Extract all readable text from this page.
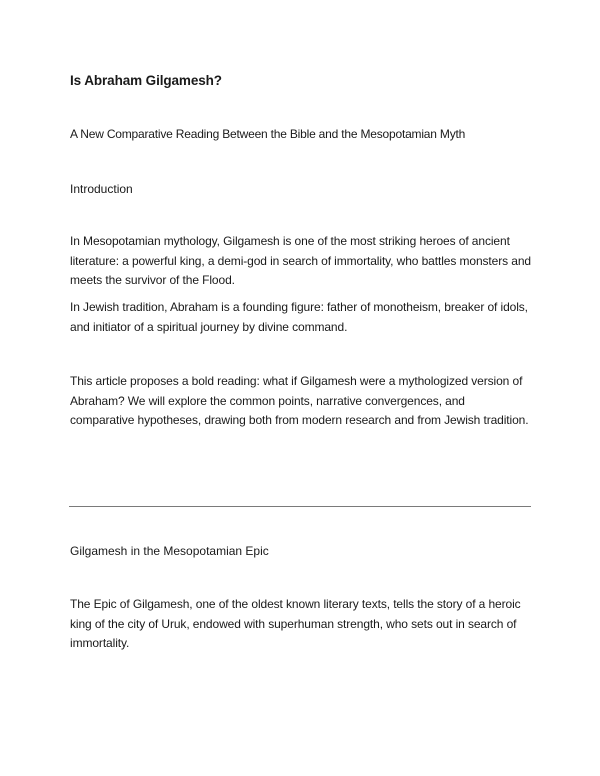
Is Abraham Gilgamesh?
A New Comparative Reading Between the Bible and the Mesopotamian Myth
Introduction

In Mesopotamian mythology, Gilgamesh is one of the most striking heroes of ancient literature: a powerful king, a demi-god in search of immortality, who battles monsters and meets the survivor of the Flood.

In Jewish tradition, Abraham is a founding figure: father of monotheism, breaker of idols, and initiator of a spiritual journey by divine command.

This article proposes a bold reading: what if Gilgamesh were a mythologized version of Abraham? We will explore the common points, narrative convergences, and comparative hypotheses, drawing both from modern research and from Jewish tradition.

Gilgamesh in the Mesopotamian Epic

The Epic of Gilgamesh, one of the oldest known literary texts, tells the story of a heroic king of the city of Uruk, endowed with superhuman strength, who sets out in search of immortality.
